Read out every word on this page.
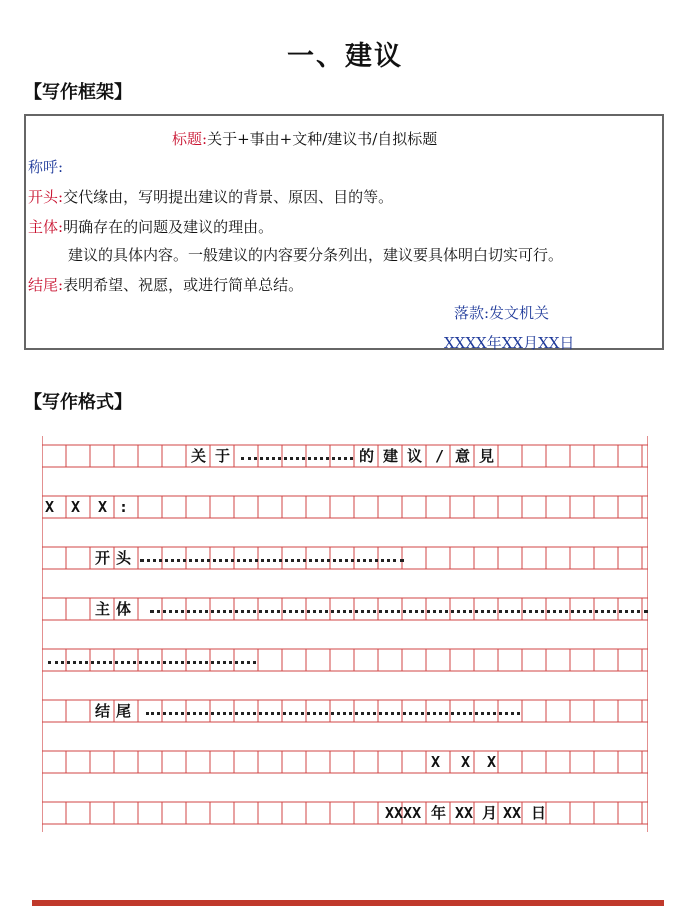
一、建议
【写作框架】
标题:关于+事由+文种/建议书/自拟标题
称呼:
开头:交代缘由，写明提出建议的背景、原因、目的等。
主体:明确存在的问题及建议的理由。
建议的具体内容。一般建议的内容要分条列出，建议要具体明白切实可行。
结尾:表明希望、祝愿，或进行简单总结。
落款:发文机关
XXXX年XX月XX日
【写作格式】
关 于	的 建 议 / 意 見
X X X :
开头
主体
结尾
X X X
XXXX 年 XX 月 XX 日
